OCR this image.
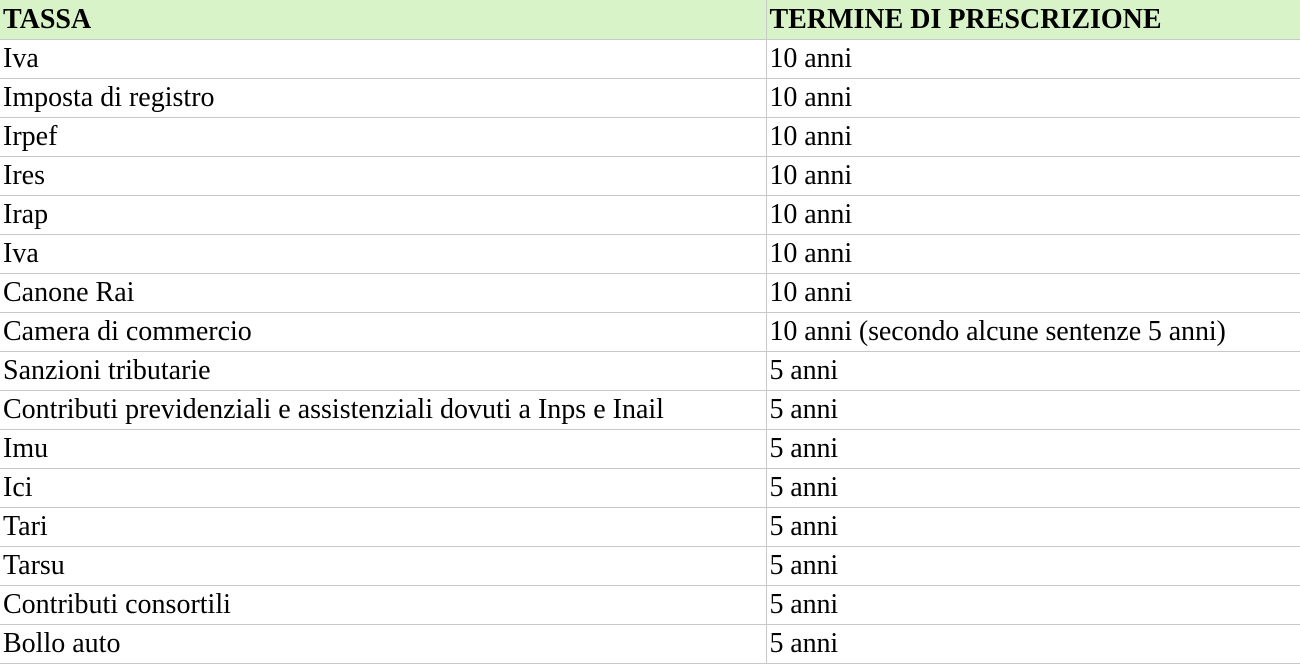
TASSA	TERMINE DI PRESCRIZIONE
Iva	10 anni
Imposta di registro	10 anni
Irpef	10 anni
Ires	10 anni
Irap	10 anni
Iva	10 anni
Canone Rai	10 anni
Camera di commercio	10 anni (secondo alcune sentenze 5 anni)
Sanzioni tributarie	5 anni
Contributi previdenziali e assistenziali dovuti a Inps e Inail	5 anni
Imu	5 anni
Ici	5 anni
Tari	5 anni
Tarsu	5 anni
Contributi consortili	5 anni
Bollo auto	5 anni
